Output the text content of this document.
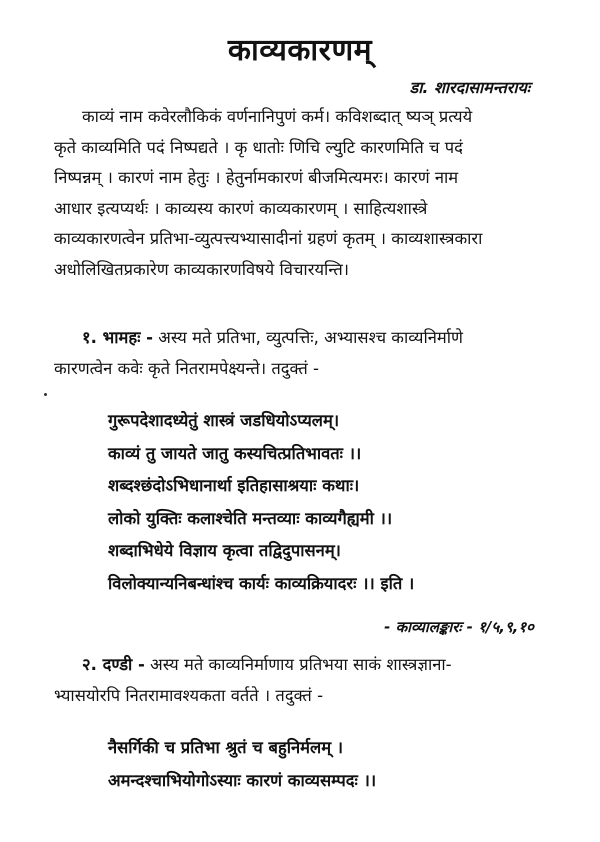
काव्यकारणम्
डा. शारदासामन्तरायः
काव्यं नाम कवेरलौकिकं वर्णनानिपुणं कर्म। कविशब्दात् ष्यञ् प्रत्यये
कृते काव्यमिति पदं निष्पद्यते । कृ धातोः णिचि ल्युटि कारणमिति च पदं
निष्पन्नम् । कारणं नाम हेतुः । हेतुर्नामकारणं बीजमित्यमरः। कारणं नाम
आधार इत्यप्यर्थः । काव्यस्य कारणं काव्यकारणम् । साहित्यशास्त्रे
काव्यकारणत्वेन प्रतिभा-व्युत्पत्त्यभ्यासादीनां ग्रहणं कृतम् । काव्यशास्त्रकारा
अधोलिखितप्रकारेण काव्यकारणविषये विचारयन्ति।
१. भामहः - अस्य मते प्रतिभा, व्युत्पत्तिः, अभ्यासश्च काव्यनिर्माणे
कारणत्वेन कवेः कृते नितरामपेक्ष्यन्ते। तदुक्तं -
गुरूपदेशादध्येतुं शास्त्रं जडधियोऽप्यलम्।
काव्यं तु जायते जातु कस्यचित्प्रतिभावतः ।।
शब्दश्छंदोऽभिधानार्था इतिहासाश्रयाः कथाः।
लोको युक्तिः कलाश्चेति मन्तव्याः काव्यगैह्यमी ।।
शब्दाभिधेये विज्ञाय कृत्वा तद्विदुपासनम्।
विलोक्यान्यनिबन्धांश्च कार्यः काव्यक्रियादरः ।। इति ।
- काव्यालङ्कारः - १/५,९,१०
२. दण्डी - अस्य मते काव्यनिर्माणाय प्रतिभया साकं शास्त्रज्ञाना-
भ्यासयोरपि नितरामावश्यकता वर्तते । तदुक्तं -
नैसर्गिकी च प्रतिभा श्रुतं च बहुनिर्मलम् ।
अमन्दश्चाभियोगोऽस्याः कारणं काव्यसम्पदः ।।
